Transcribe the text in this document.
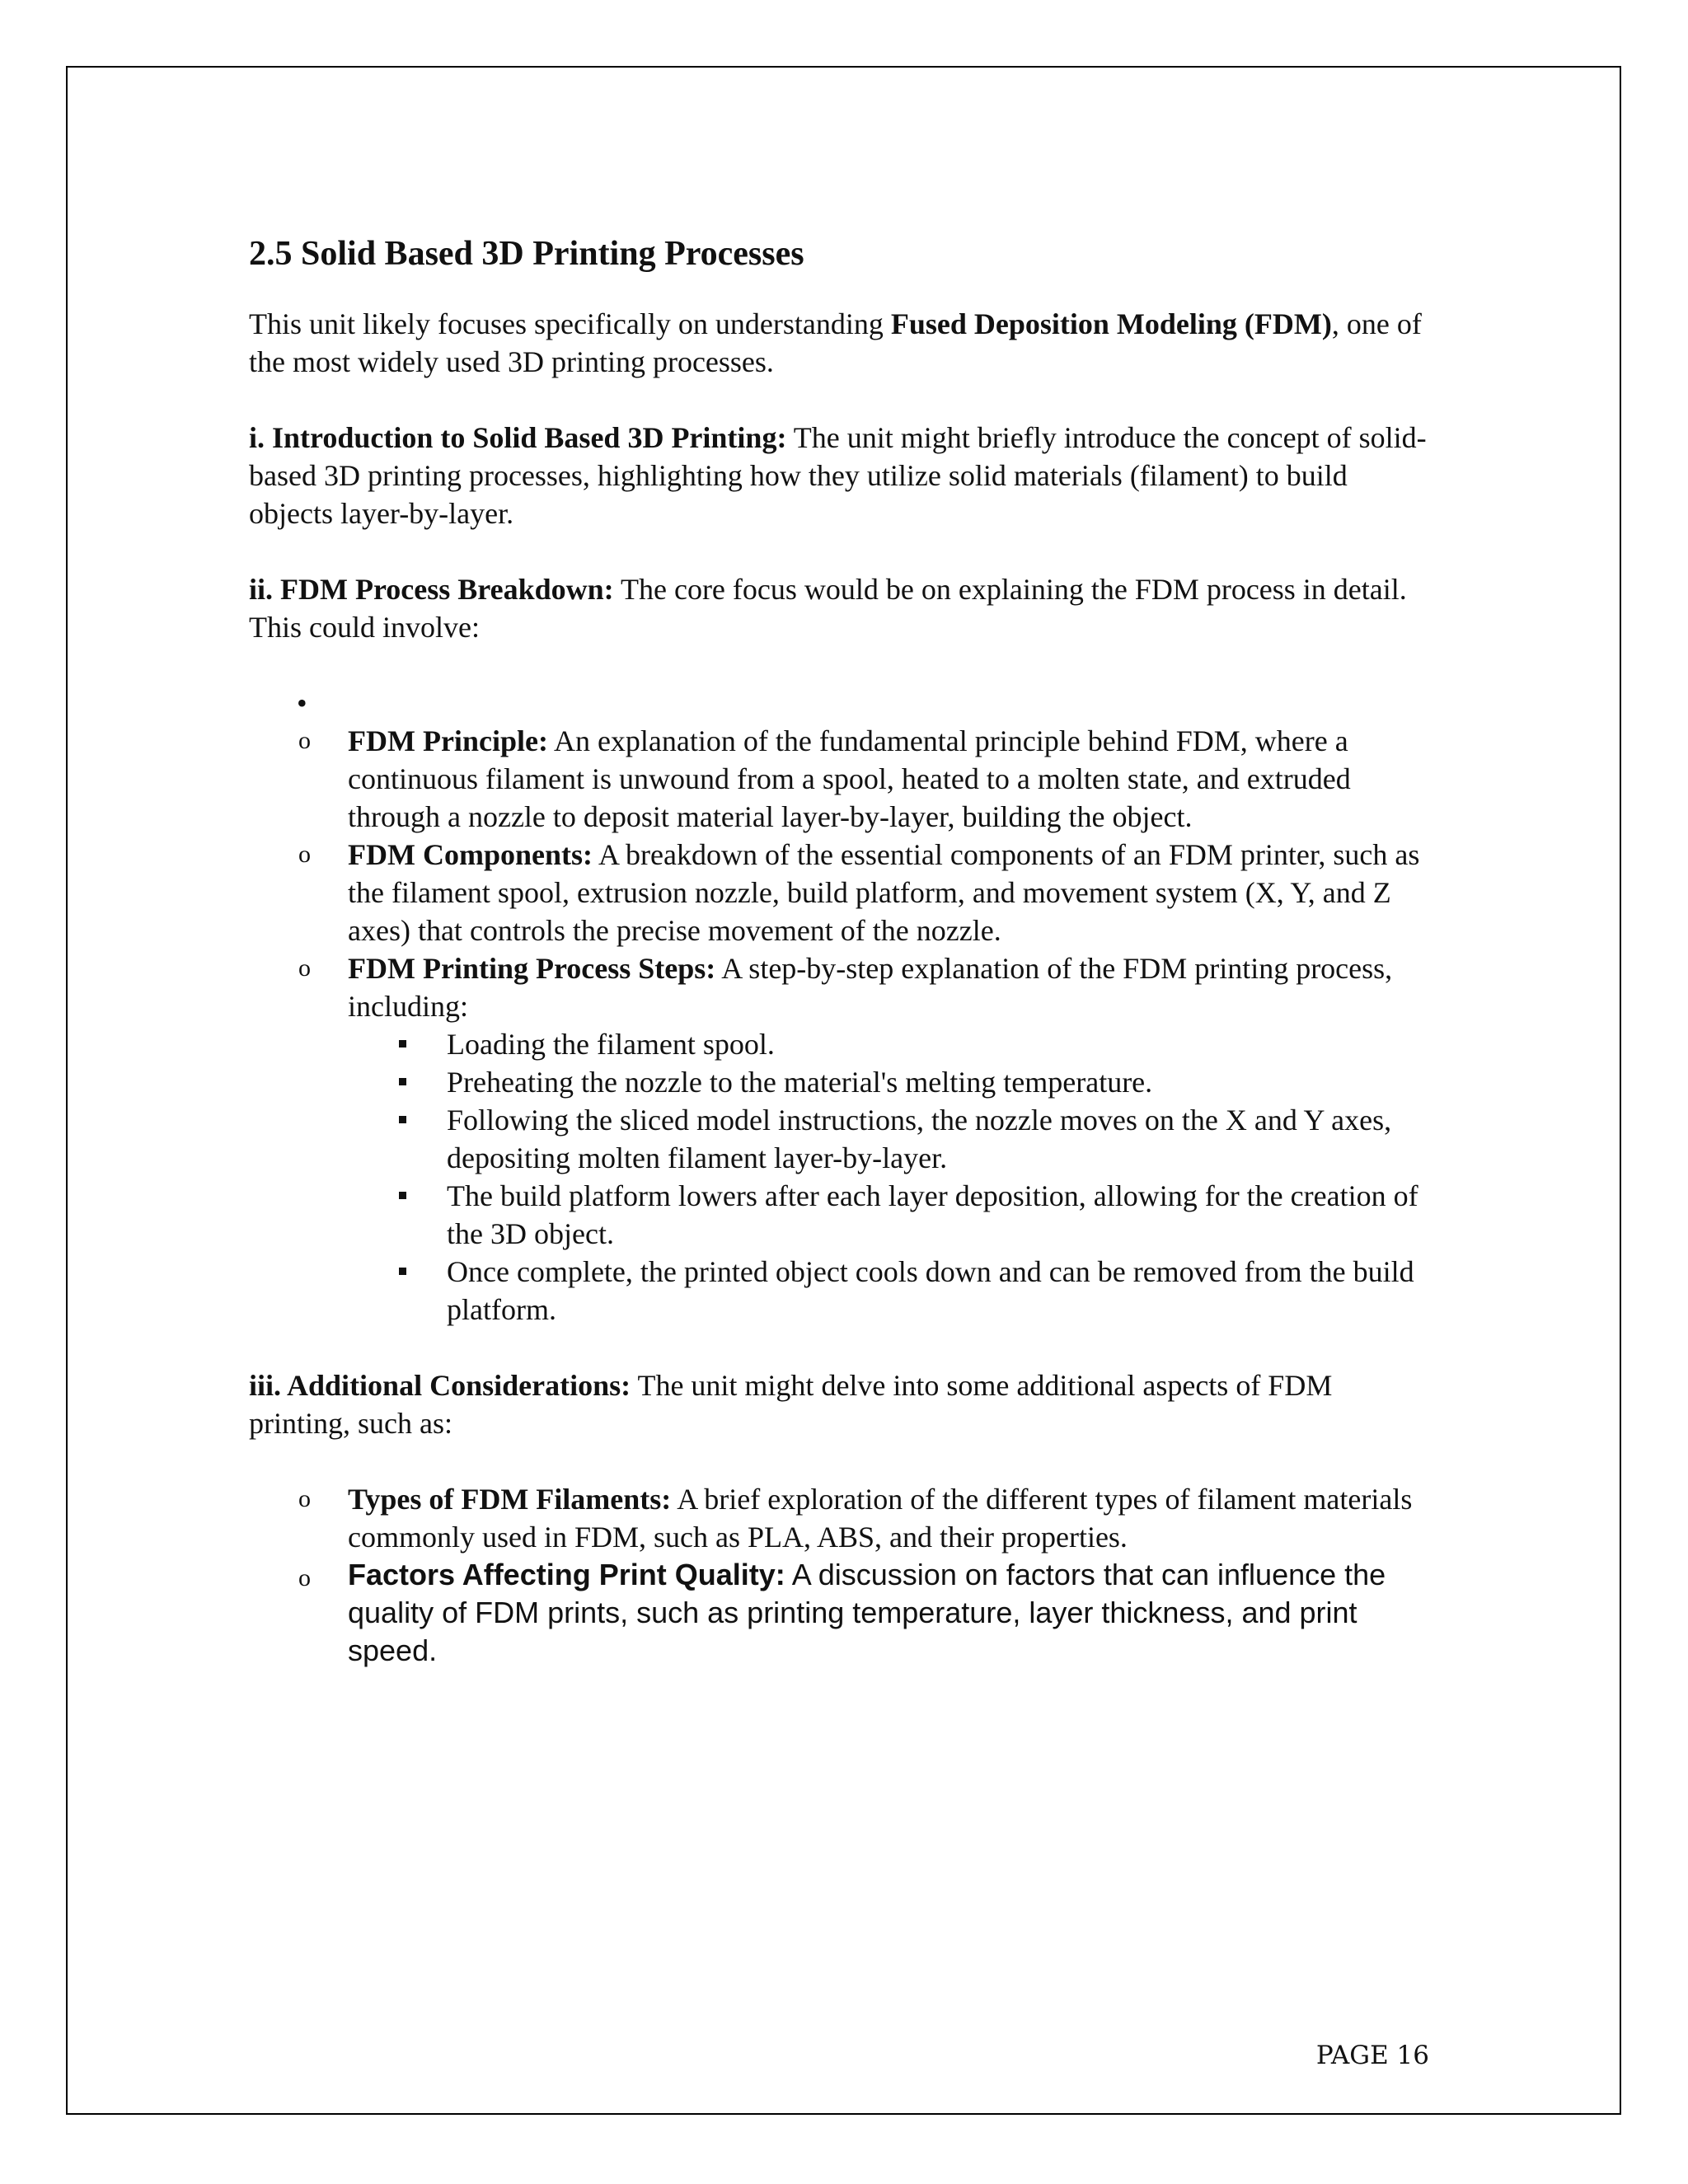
2.5 Solid Based 3D Printing Processes

This unit likely focuses specifically on understanding Fused Deposition Modeling (FDM), one of the most widely used 3D printing processes.

i. Introduction to Solid Based 3D Printing: The unit might briefly introduce the concept of solid-based 3D printing processes, highlighting how they utilize solid materials (filament) to build objects layer-by-layer.

ii. FDM Process Breakdown: The core focus would be on explaining the FDM process in detail. This could involve:

•
o FDM Principle: An explanation of the fundamental principle behind FDM, where a continuous filament is unwound from a spool, heated to a molten state, and extruded through a nozzle to deposit material layer-by-layer, building the object.
o FDM Components: A breakdown of the essential components of an FDM printer, such as the filament spool, extrusion nozzle, build platform, and movement system (X, Y, and Z axes) that controls the precise movement of the nozzle.
o FDM Printing Process Steps: A step-by-step explanation of the FDM printing process, including:
Loading the filament spool.
Preheating the nozzle to the material's melting temperature.
Following the sliced model instructions, the nozzle moves on the X and Y axes, depositing molten filament layer-by-layer.
The build platform lowers after each layer deposition, allowing for the creation of the 3D object.
Once complete, the printed object cools down and can be removed from the build platform.

iii. Additional Considerations: The unit might delve into some additional aspects of FDM printing, such as:

o Types of FDM Filaments: A brief exploration of the different types of filament materials commonly used in FDM, such as PLA, ABS, and their properties.
o Factors Affecting Print Quality: A discussion on factors that can influence the quality of FDM prints, such as printing temperature, layer thickness, and print speed.
PAGE 16
